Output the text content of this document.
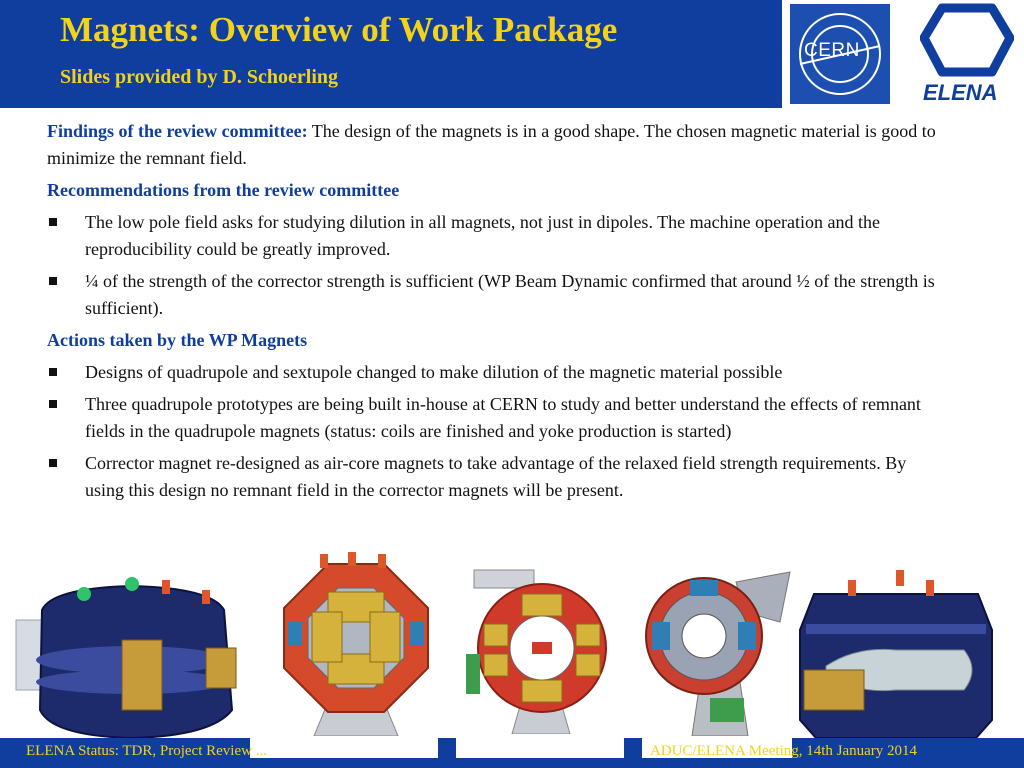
Magnets: Overview of Work Package
Slides provided by D. Schoerling
CERN
ELENA

Findings of the review committee: The design of the magnets is in a good shape. The chosen magnetic material is good to minimize the remnant field.

Recommendations from the review committee

The low pole field asks for studying dilution in all magnets, not just in dipoles. The machine operation and the reproducibility could be greatly improved.
¼ of the strength of the corrector strength is sufficient (WP Beam Dynamic confirmed that around ½ of the strength is sufficient).

Actions taken by the WP Magnets

Designs of quadrupole and sextupole changed to make dilution of the magnetic material possible
Three quadrupole prototypes are being built in-house at CERN to study and better understand the effects of remnant fields in the quadrupole magnets (status: coils are finished and yoke production is started)
Corrector magnet re-designed as air-core magnets to take advantage of the relaxed field strength requirements. By using this design no remnant field in the corrector magnets will be present.
ELENA Status: TDR, Project Review ...	ADUC/ELENA Meeting, 14th January 2014
